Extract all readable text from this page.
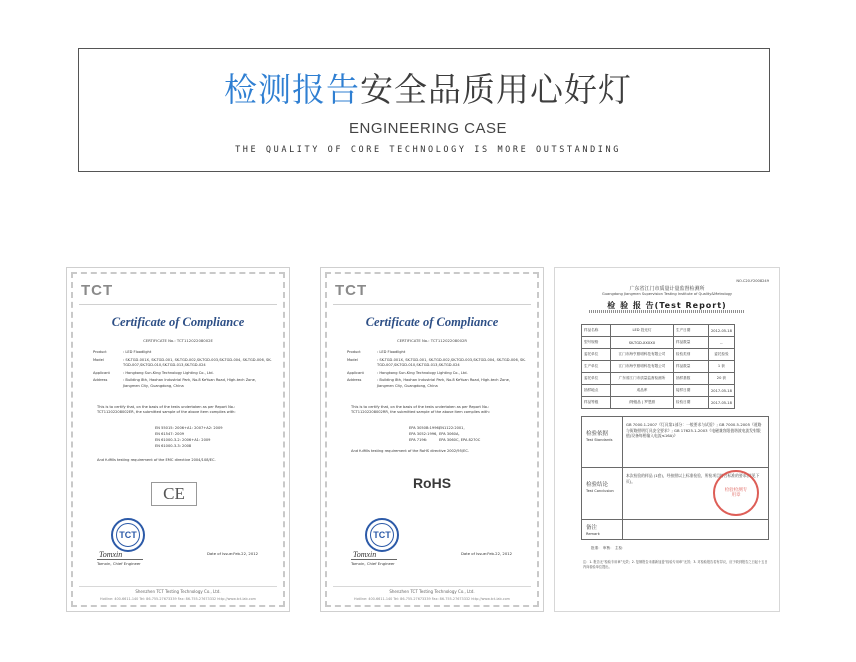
检测报告安全品质用心好灯
ENGINEERING CASE
THE QUALITY OF CORE TECHNOLOGY IS MORE OUTSTANDING
TCT
Certificate of Compliance
CERTIFICATE No.: TCT11202208002E
Product	: LED Floodlight
Model	: SK-TGD-001X, SK-TGD-001, SK-TGD-002,SK-TGD-003,SK-TGD-004, SK-TGD-006, SK-TGD-007,SK-TGD-010,SK-TGD-013,SK-TGD-024
Applicant	: Hongkong Sun-King Technology Lighting Co., Ltd.
Address	: Building 8th, Haohan Industrial Park, No.8 KeYuan Road, High-tech Zone, Jiangmen City, Guangdong, China
This is to certify that, on the basis of the tests undertaken as per Report No.: TCT11202208002ER, the submitted sample of the above item complies with:
EN 55015: 2006+A1: 2007+A2: 2009
EN 61547: 2009
EN 61000-3-2: 2006+A1: 2009
EN 61000-3-3: 2008
And fulfills testing requirement of the EMC directive 2004/108/EC.
CE
TCT
Tomxin
Tomxin, Chief Engineer
Date of Issue:Feb.22, 2012
Shenzhen TCT Testing Technology Co., Ltd.
Hotline: 400-6611-140 Tel: 86-755-27673339 Fax: 86-755-27673332 http://www.tct-lab.com
TCT
Certificate of Compliance
CERTIFICATE No.: TCT11202208002R
Product	: LED Floodlight
Model	: SK-TGD-001X, SK-TGD-001, SK-TGD-002,SK-TGD-003,SK-TGD-004, SK-TGD-006, SK-TGD-007,SK-TGD-010,SK-TGD-013,SK-TGD-024
Applicant	: Hongkong Sun-King Technology Lighting Co., Ltd.
Address	: Building 8th, Haohan Industrial Park, No.8 KeYuan Road, High-tech Zone, Jiangmen City, Guangdong, China
This is to certify that, on the basis of the tests undertaken as per Report No.: TCT11202208002RR, the submitted sample of the above item complies with:
EPA 3050B:1996,
EPA 3052:1996,
EPA 7196:
EN1122:2001,
EPA 3060A,
EPA 3060C, EPA 8270C
And fulfills testing requirement of the RoHS directive 2002/95/EC.
RoHS
TCT
Tomxin
Tomxin, Chief Engineer
Date of Issue:Feb.22, 2012
Shenzhen TCT Testing Technology Co., Ltd.
Hotline: 400-6611-140 Tel: 86-755-27673339 Fax: 86-755-27673332 http://www.tct-lab.com
NO.C20-Y2008249
广东省江门市质量计量监督检测所
Guangdong Jiangmen Supervision Testing Institute of Quality&Metrology
检 验 报 告(Test Report)
样品名称	LED 投光灯	生产日期	2012-05-18
型号规格	SK-TGD-XXXXX	样品数量	--
委托单位	江门市海亨照明科技有限公司	检验类别	委托检验
生产单位	江门市海亨照明科技有限公司	样品数量	1 套
委托单位	广东省江门市质量监督检测所	抽样基数	20 套
抽样地点	成品库	接样日期	2017-05-18
样品等级	/特级品 | 罗恩照	检验日期	2017-05-18
检验依据
Test Standards
GB 7000.1-2007《灯具第1部分：一般要求与试验》; GB 7000.5-2005《道路与街路照明灯具安全要求》; GB 17625.1-2003《电磁兼容限值谐波电流发射限值(设备每相输入电流≤16A)》
检验结论
Test Conclusion
本次检验的样品 (1套)，经按照以上标准检验，所检项目符合标准的要求(详见下页)。
备注
Remark
检验检测专用章
批准： 审核： 主检：
注：1. 报告无“检验专用章”无效；2. 复制报告未重新加盖“检验专用章”无效；3. 对检验报告若有异议，应于收到报告之日起十五日内向检验单位提出。
